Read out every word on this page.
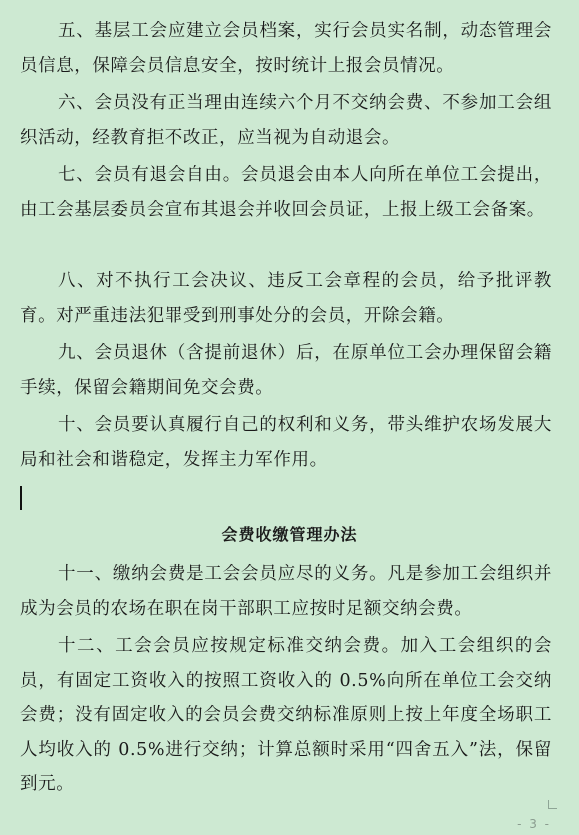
五、基层工会应建立会员档案，实行会员实名制，动态管理会员信息，保障会员信息安全，按时统计上报会员情况。

六、会员没有正当理由连续六个月不交纳会费、不参加工会组织活动，经教育拒不改正，应当视为自动退会。

七、会员有退会自由。会员退会由本人向所在单位工会提出，由工会基层委员会宣布其退会并收回会员证，上报上级工会备案。

八、对不执行工会决议、违反工会章程的会员，给予批评教育。对严重违法犯罪受到刑事处分的会员，开除会籍。

九、会员退休（含提前退休）后，在原单位工会办理保留会籍手续，保留会籍期间免交会费。

十、会员要认真履行自己的权利和义务，带头维护农场发展大局和社会和谐稳定，发挥主力军作用。

会费收缴管理办法

十一、缴纳会费是工会会员应尽的义务。凡是参加工会组织并成为会员的农场在职在岗干部职工应按时足额交纳会费。

十二、工会会员应按规定标准交纳会费。加入工会组织的会员，有固定工资收入的按照工资收入的 0.5%向所在单位工会交纳会费；没有固定收入的会员会费交纳标准原则上按上年度全场职工人均收入的 0.5%进行交纳；计算总额时采用“四舍五入”法，保留到元。

- 3 -
